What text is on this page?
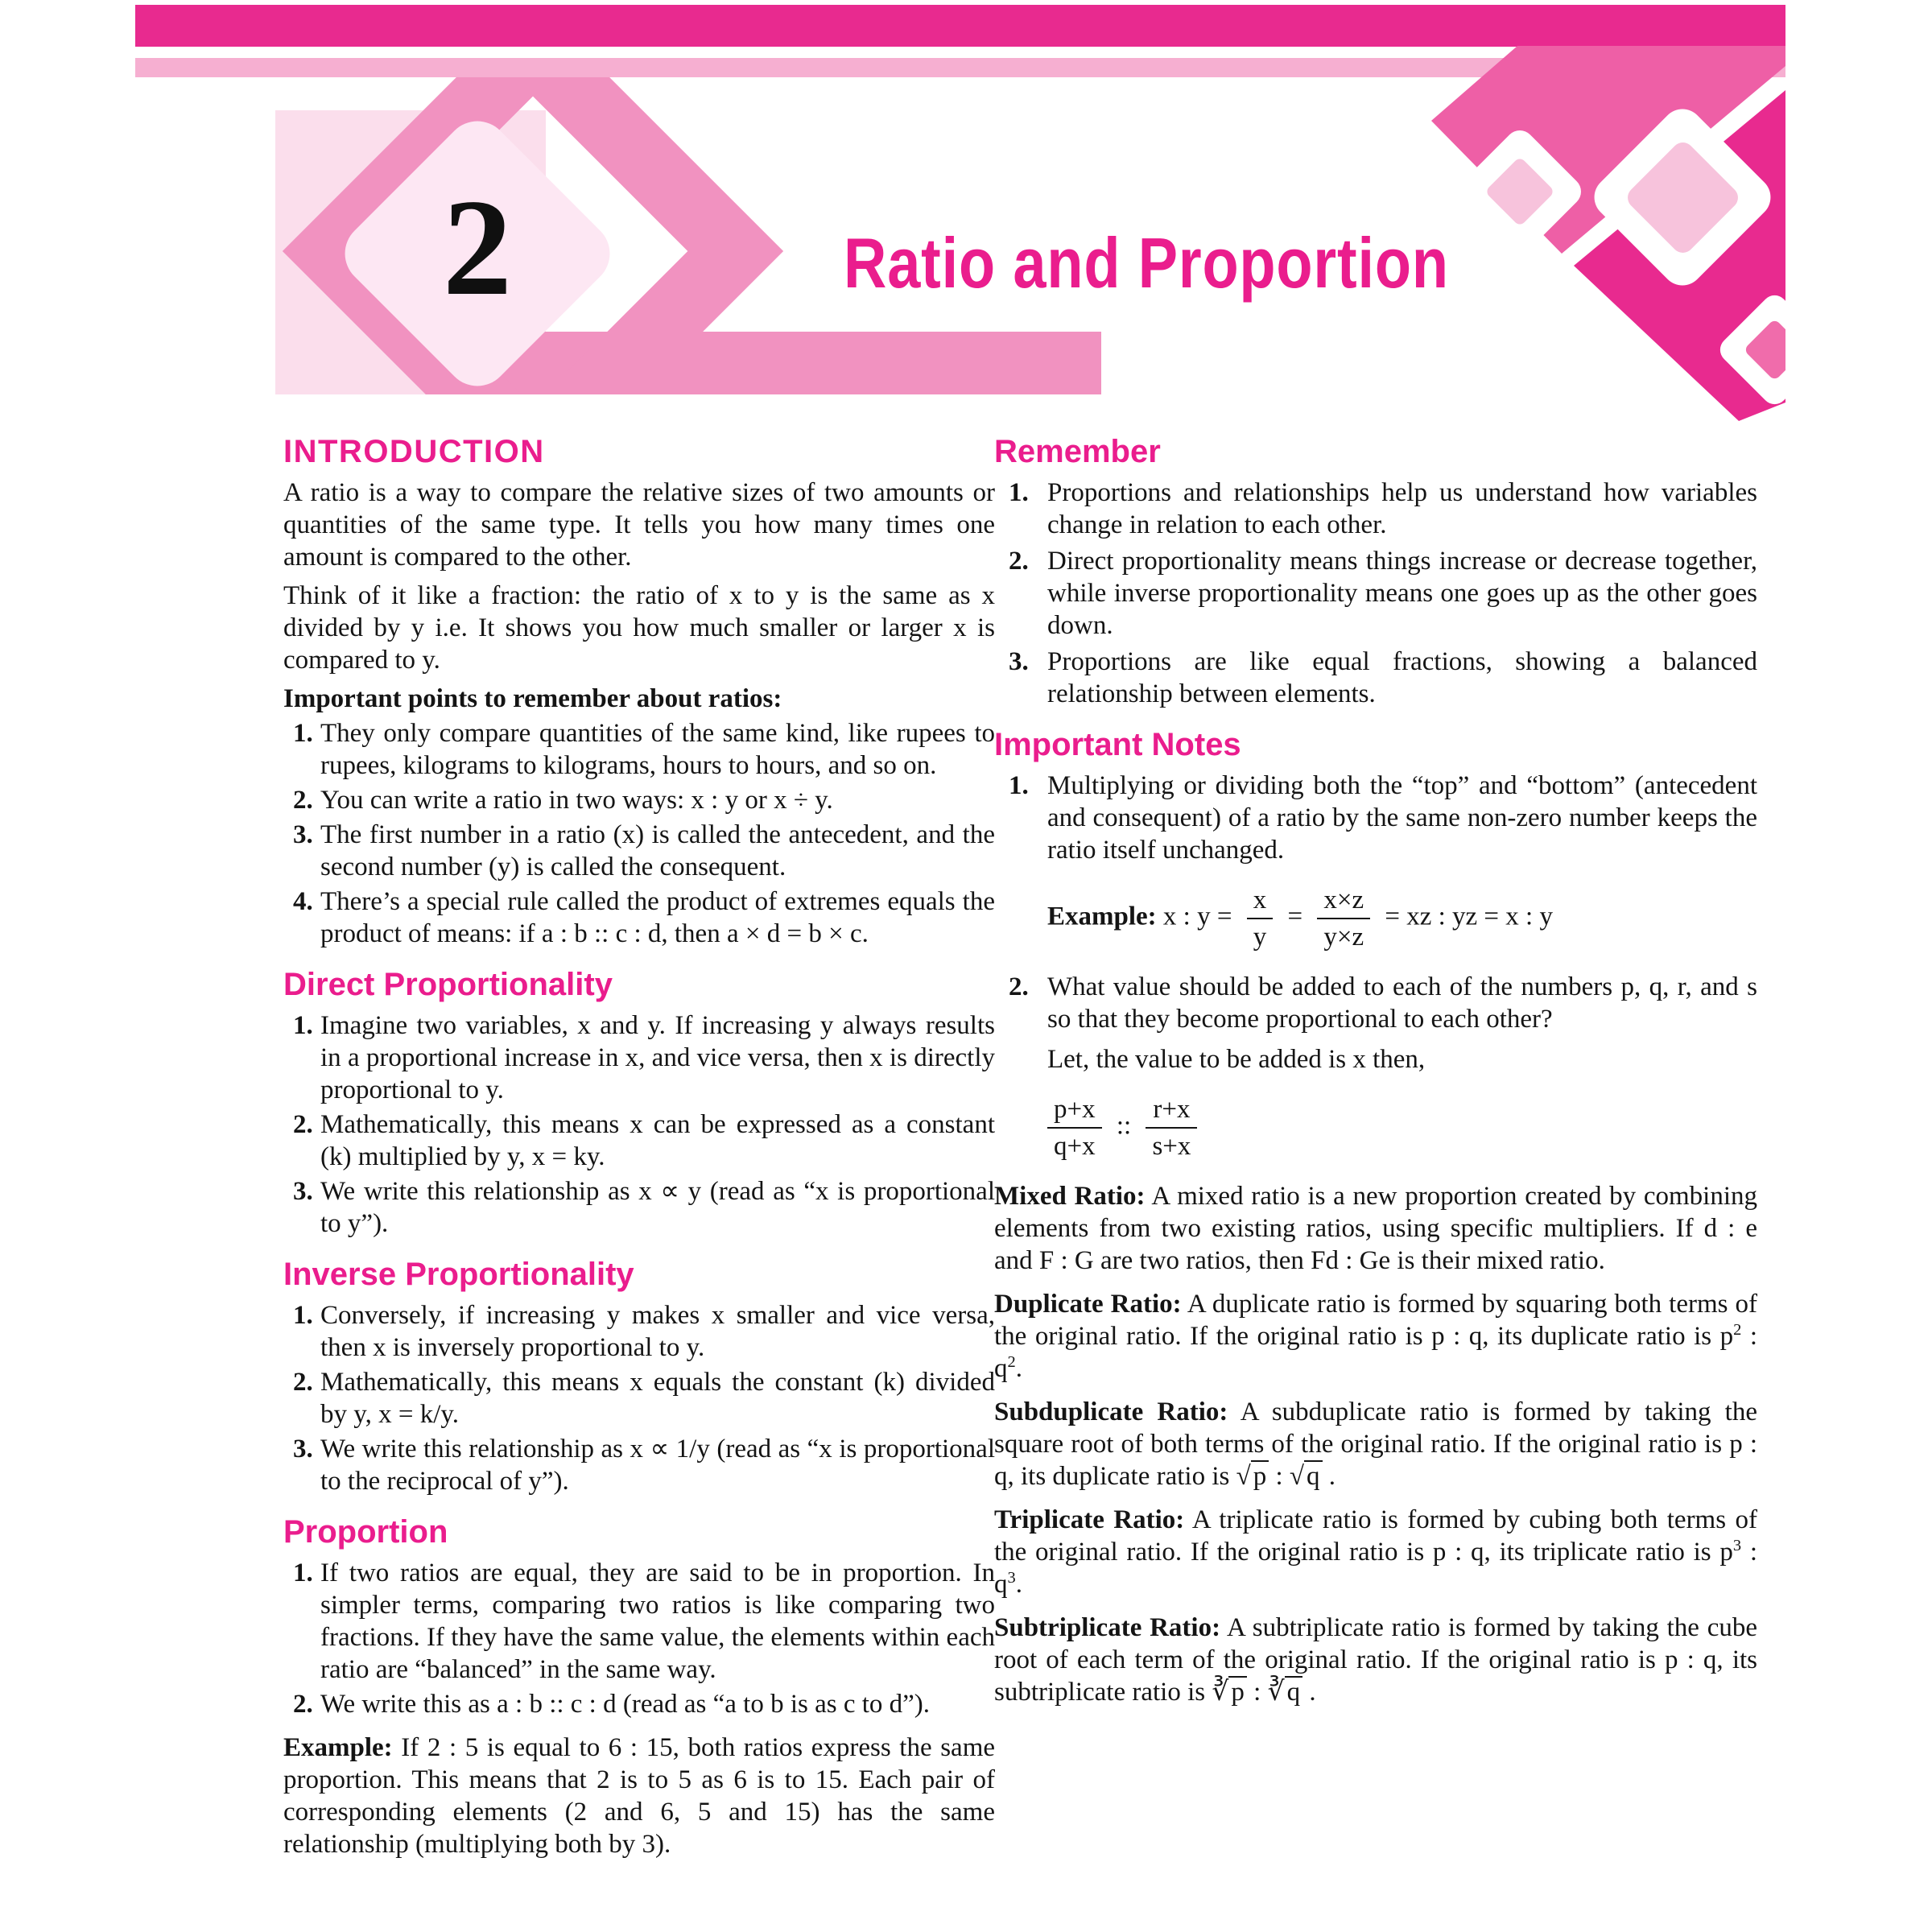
2	Ratio and Proportion
INTRODUCTION

A ratio is a way to compare the relative sizes of two amounts or quantities of the same type. It tells you how many times one amount is compared to the other.

Think of it like a fraction: the ratio of x to y is the same as x divided by y i.e. It shows you how much smaller or larger x is compared to y.

Important points to remember about ratios:

1. They only compare quantities of the same kind, like rupees to rupees, kilograms to kilograms, hours to hours, and so on.
2. You can write a ratio in two ways: x : y or x ÷ y.
3. The first number in a ratio (x) is called the antecedent, and the second number (y) is called the consequent.
4. There’s a special rule called the product of extremes equals the product of means: if a : b :: c : d, then a × d = b × c.
Direct Proportionality
1. Imagine two variables, x and y. If increasing y always results in a proportional increase in x, and vice versa, then x is directly proportional to y.
2. Mathematically, this means x can be expressed as a constant (k) multiplied by y, x = ky.
3. We write this relationship as x ∝ y (read as “x is proportional to y”).
Inverse Proportionality
1. Conversely, if increasing y makes x smaller and vice versa, then x is inversely proportional to y.
2. Mathematically, this means x equals the constant (k) divided by y, x = k/y.
3. We write this relationship as x ∝ 1/y (read as “x is proportional to the reciprocal of y”).
Proportion
1. If two ratios are equal, they are said to be in proportion. In simpler terms, comparing two ratios is like comparing two fractions. If they have the same value, the elements within each ratio are “balanced” in the same way.
2. We write this as a : b :: c : d (read as “a to b is as c to d”).

Example: If 2 : 5 is equal to 6 : 15, both ratios express the same proportion. This means that 2 is to 5 as 6 is to 15. Each pair of corresponding elements (2 and 6, 5 and 15) has the same relationship (multiplying both by 3).

Remember
1. Proportions and relationships help us understand how variables change in relation to each other.
2. Direct proportionality means things increase or decrease together, while inverse proportionality means one goes up as the other goes down.
3. Proportions are like equal fractions, showing a balanced relationship between elements.
Important Notes
1. Multiplying or dividing both the “top” and “bottom” (antecedent and consequent) of a ratio by the same non-zero number keeps the ratio itself unchanged.
Example: x : $y = \frac{x}{y} = \frac{x\times z}{y\times z}$ = xz : yz = x : y
2. What value should be added to each of the numbers p, q, r, and s so that they become proportional to each other?
Let, the value to be added is x then,
$\frac{p+x}{q+x}$ :: $\frac{r+x}{s+x}$

Mixed Ratio: A mixed ratio is a new proportion created by combining elements from two existing ratios, using specific multipliers. If d : e and F : G are two ratios, then Fd : Ge is their mixed ratio.

Duplicate Ratio: A duplicate ratio is formed by squaring both terms of the original ratio. If the original ratio is p : q, its duplicate ratio is $p^2$ : $q^2$.

Subduplicate Ratio: A subduplicate ratio is formed by taking the square root of both terms of the original ratio. If the original ratio is p : q, its duplicate ratio is √p : √q .

Triplicate Ratio: A triplicate ratio is formed by cubing both terms of the original ratio. If the original ratio is p : q, its triplicate ratio is $p^3$ : $q^3$.

Subtriplicate Ratio: A subtriplicate ratio is formed by taking the cube root of each term of the original ratio. If the original ratio is p : q, its subtriplicate ratio is ∛p : ∛q .
